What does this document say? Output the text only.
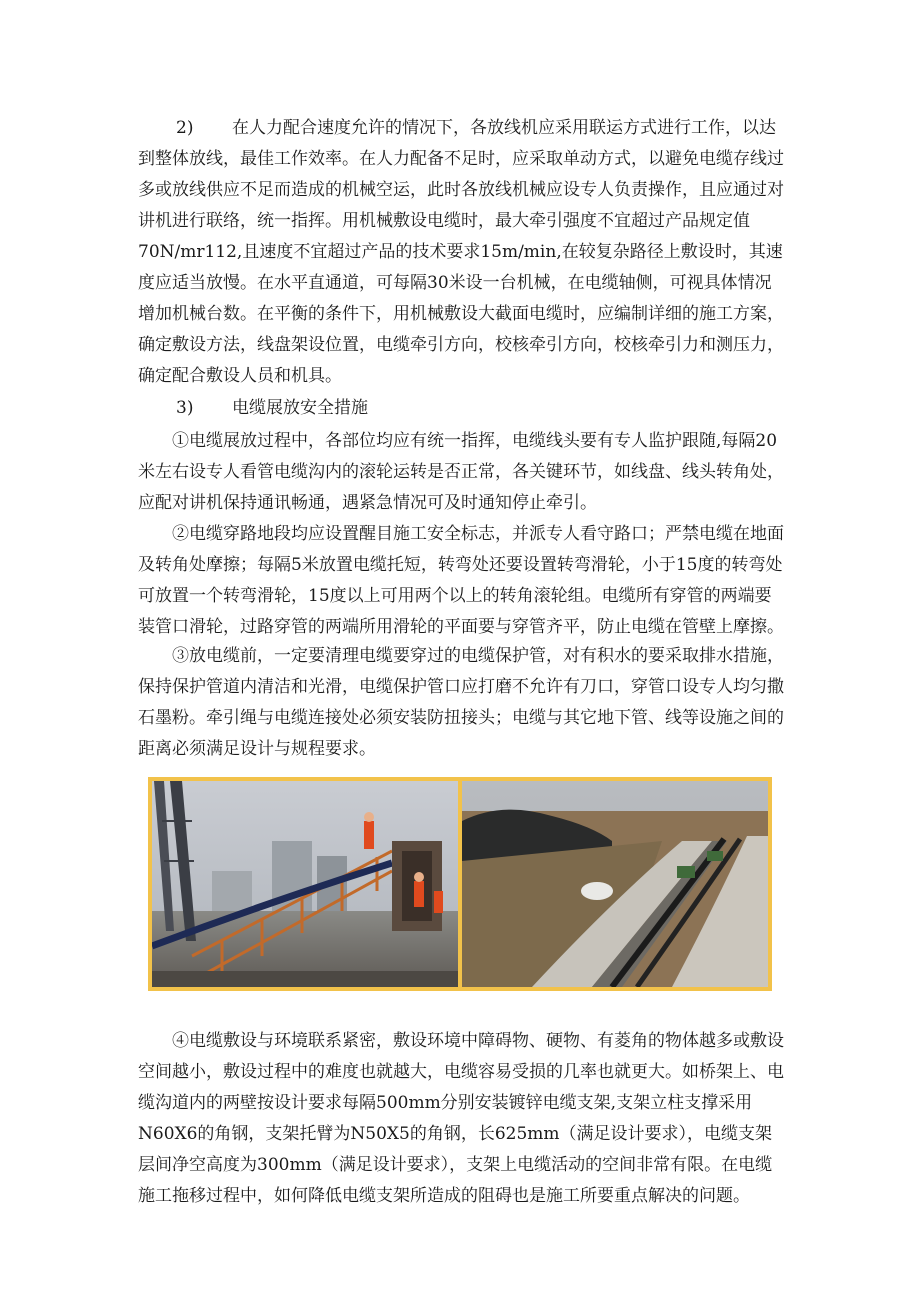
2) 在人力配合速度允许的情况下，各放线机应采用联运方式进行工作，以达到整体放线，最佳工作效率。在人力配备不足时，应采取单动方式，以避免电缆存线过多或放线供应不足而造成的机械空运，此时各放线机械应设专人负责操作，且应通过对讲机进行联络，统一指挥。用机械敷设电缆时，最大牵引强度不宜超过产品规定值70N∕mr112,且速度不宜超过产品的技术要求15m∕min,在较复杂路径上敷设时，其速度应适当放慢。在水平直通道，可每隔30米设一台机械，在电缆轴侧，可视具体情况增加机械台数。在平衡的条件下，用机械敷设大截面电缆时，应编制详细的施工方案，确定敷设方法，线盘架设位置，电缆牵引方向，校核牵引方向，校核牵引力和测压力，确定配合敷设人员和机具。

3) 电缆展放安全措施

①电缆展放过程中，各部位均应有统一指挥，电缆线头要有专人监护跟随,每隔20米左右设专人看管电缆沟内的滚轮运转是否正常，各关键环节，如线盘、线头转角处，应配对讲机保持通讯畅通，遇紧急情况可及时通知停止牵引。

②电缆穿路地段均应设置醒目施工安全标志，并派专人看守路口；严禁电缆在地面及转角处摩擦；每隔5米放置电缆托短，转弯处还要设置转弯滑轮，小于15度的转弯处可放置一个转弯滑轮，15度以上可用两个以上的转角滚轮组。电缆所有穿管的两端要装管口滑轮，过路穿管的两端所用滑轮的平面要与穿管齐平，防止电缆在管壁上摩擦。

③放电缆前，一定要清理电缆要穿过的电缆保护管，对有积水的要采取排水措施，保持保护管道内清洁和光滑，电缆保护管口应打磨不允许有刀口，穿管口设专人均匀撒石墨粉。牵引绳与电缆连接处必须安装防扭接头；电缆与其它地下管、线等设施之间的距离必须满足设计与规程要求。

④电缆敷设与环境联系紧密，敷设环境中障碍物、硬物、有菱角的物体越多或敷设空间越小，敷设过程中的难度也就越大，电缆容易受损的几率也就更大。如桥架上、电缆沟道内的两壁按设计要求每隔500mm分别安装镀锌电缆支架,支架立柱支撑采用N60X6的角钢，支架托臂为N50X5的角钢，长625mm（满足设计要求），电缆支架层间净空高度为300mm（满足设计要求），支架上电缆活动的空间非常有限。在电缆施工拖移过程中，如何降低电缆支架所造成的阻碍也是施工所要重点解决的问题。
